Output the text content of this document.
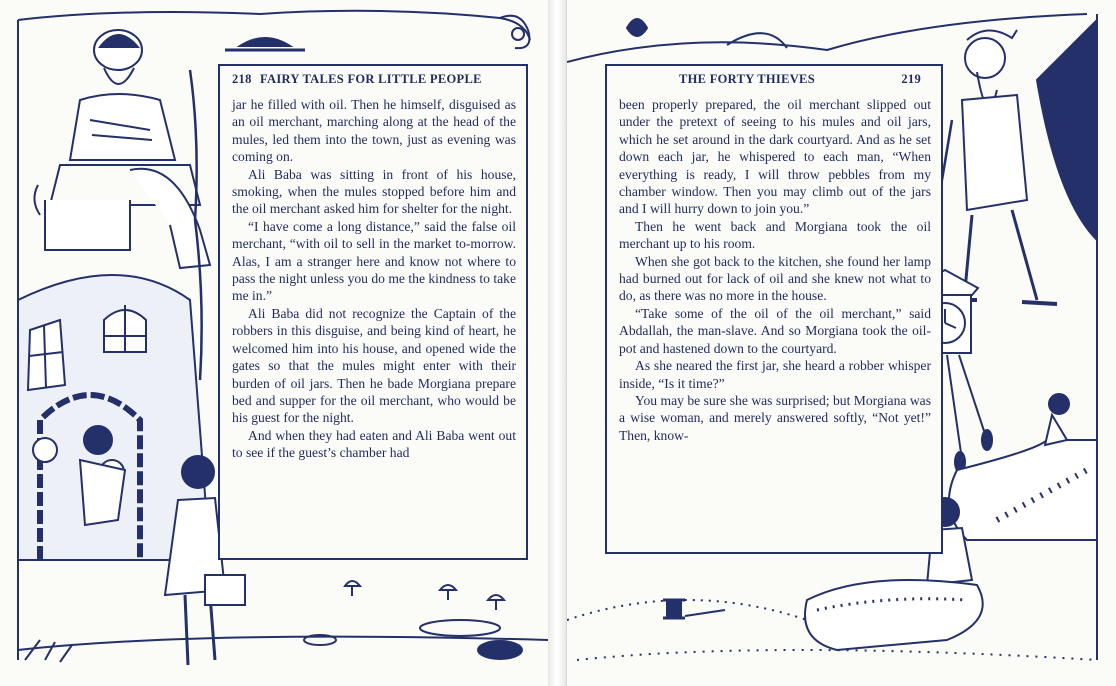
218 FAIRY TALES FOR LITTLE PEOPLE

jar he filled with oil. Then he himself, disguised as an oil merchant, marching along at the head of the mules, led them into the town, just as evening was coming on.

Ali Baba was sitting in front of his house, smoking, when the mules stopped before him and the oil merchant asked him for shelter for the night.

“I have come a long distance,” said the false oil merchant, “with oil to sell in the market to-morrow. Alas, I am a stranger here and know not where to pass the night unless you do me the kindness to take me in.”

Ali Baba did not recognize the Captain of the robbers in this disguise, and being kind of heart, he welcomed him into his house, and opened wide the gates so that the mules might enter with their burden of oil jars. Then he bade Morgiana prepare bed and supper for the oil merchant, who would be his guest for the night.

And when they had eaten and Ali Baba went out to see if the guest’s chamber had

THE FORTY THIEVES	219

been properly prepared, the oil merchant slipped out under the pretext of seeing to his mules and oil jars, which he set around in the dark courtyard. And as he set down each jar, he whispered to each man, “When everything is ready, I will throw pebbles from my chamber window. Then you may climb out of the jars and I will hurry down to join you.”

Then he went back and Morgiana took the oil merchant up to his room.

When she got back to the kitchen, she found her lamp had burned out for lack of oil and she knew not what to do, as there was no more in the house.

“Take some of the oil of the oil merchant,” said Abdallah, the man-slave. And so Morgiana took the oil-pot and hastened down to the courtyard.

As she neared the first jar, she heard a robber whisper inside, “Is it time?”

You may be sure she was surprised; but Morgiana was a wise woman, and merely answered softly, “Not yet!” Then, know-
